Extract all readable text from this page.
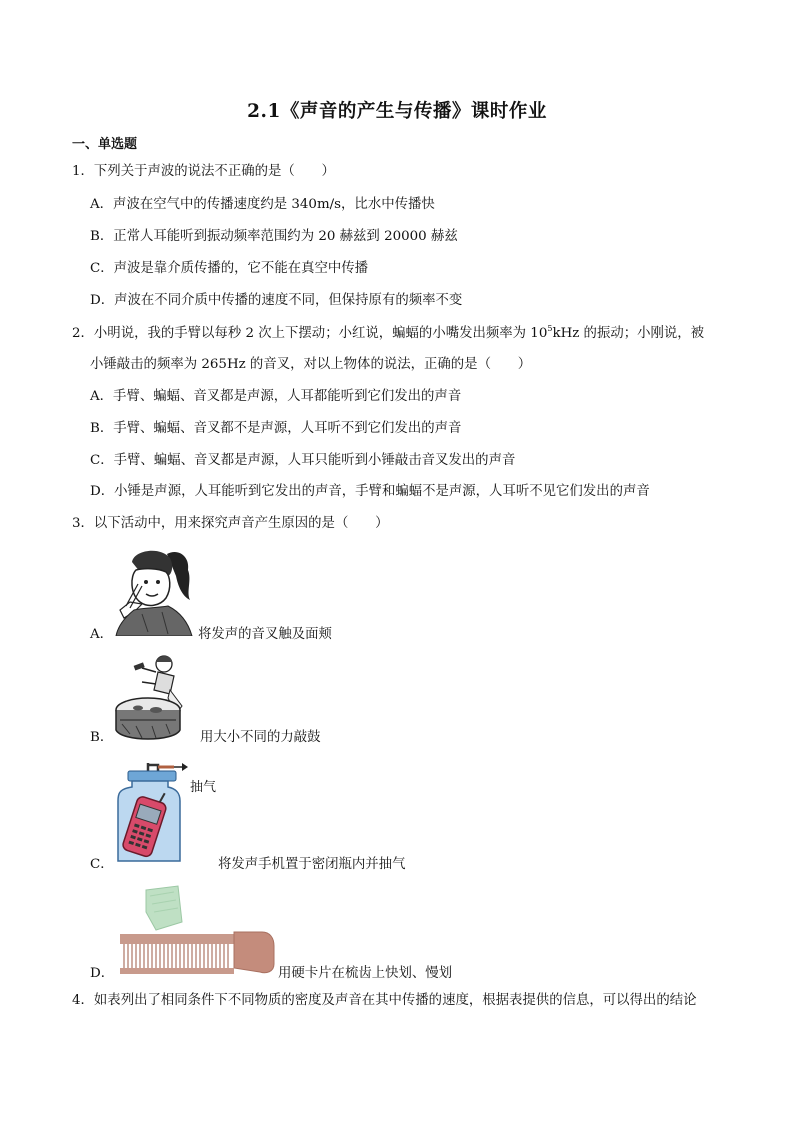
2.1《声音的产生与传播》课时作业
一、单选题
1．下列关于声波的说法不正确的是（　　）
A．声波在空气中的传播速度约是 340m/s，比水中传播快
B．正常人耳能听到振动频率范围约为 20 赫兹到 20000 赫兹
C．声波是靠介质传播的，它不能在真空中传播
D．声波在不同介质中传播的速度不同，但保持原有的频率不变
2．小明说，我的手臂以每秒 2 次上下摆动；小红说，蝙蝠的小嘴发出频率为 $10^5kHz$ 的振动；小刚说，被
小锤敲击的频率为 265Hz 的音叉，对以上物体的说法，正确的是（　　）
A．手臂、蝙蝠、音叉都是声源，人耳都能听到它们发出的声音
B．手臂、蝙蝠、音叉都不是声源，人耳听不到它们发出的声音
C．手臂、蝙蝠、音叉都是声源，人耳只能听到小锤敲击音叉发出的声音
D．小锤是声源，人耳能听到它发出的声音，手臂和蝙蝠不是声源，人耳听不见它们发出的声音
3．以下活动中，用来探究声音产生原因的是（　　）
A．	将发声的音叉触及面颊
B．	用大小不同的力敲鼓
抽气
C．	将发声手机置于密闭瓶内并抽气
D．	用硬卡片在梳齿上快划、慢划
4．如表列出了相同条件下不同物质的密度及声音在其中传播的速度，根据表提供的信息，可以得出的结论
